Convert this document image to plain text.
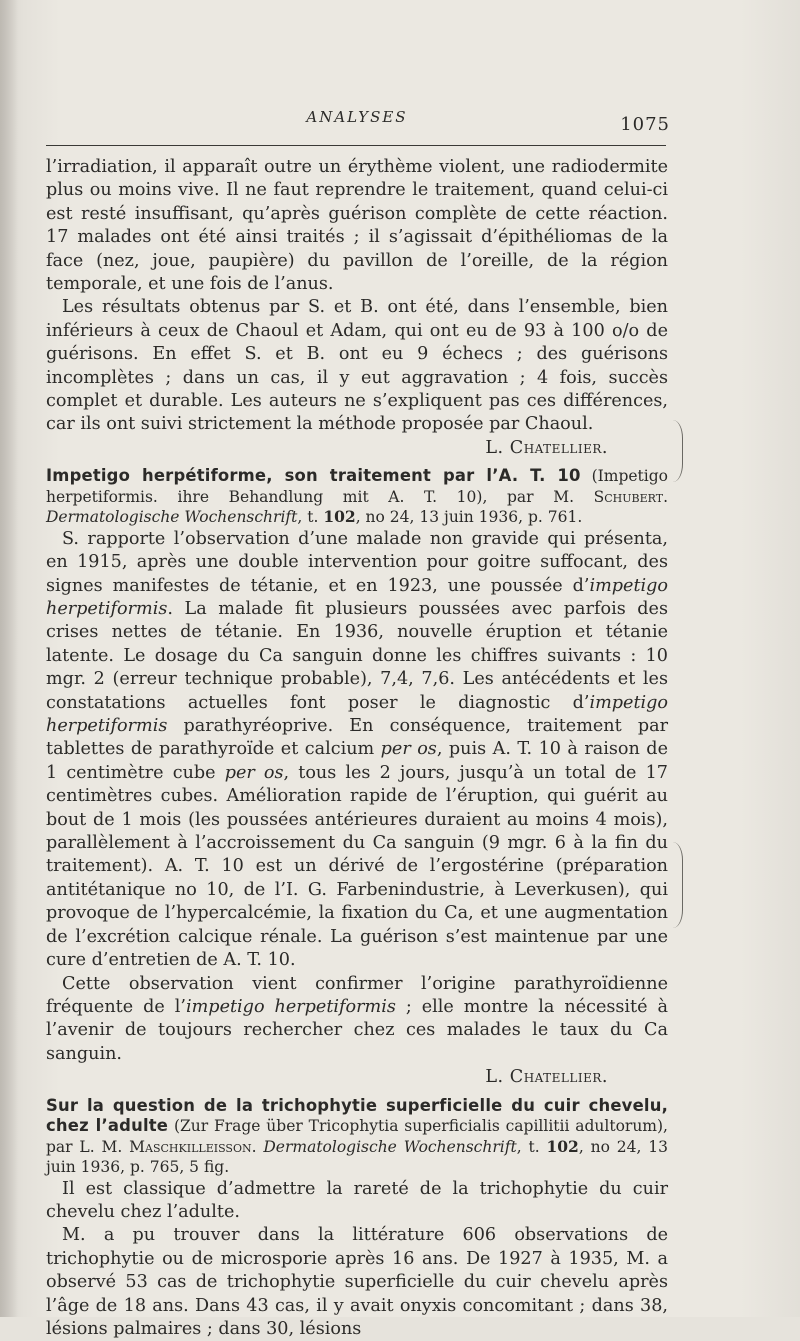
ANALYSES	1075

l’irradiation, il apparaît outre un érythème violent, une radiodermite plus ou moins vive. Il ne faut reprendre le traitement, quand celui-ci est resté insuffisant, qu’après guérison complète de cette réaction. 17 malades ont été ainsi traités ; il s’agissait d’épithéliomas de la face (nez, joue, paupière) du pavillon de l’oreille, de la région temporale, et une fois de l’anus.

Les résultats obtenus par S. et B. ont été, dans l’ensemble, bien inférieurs à ceux de Chaoul et Adam, qui ont eu de 93 à 100 o/o de guérisons. En effet S. et B. ont eu 9 échecs ; des guérisons incomplètes ; dans un cas, il y eut aggravation ; 4 fois, succès complet et durable. Les auteurs ne s’expliquent pas ces différences, car ils ont suivi strictement la méthode proposée par Chaoul.

L. Chatellier.

Impetigo herpétiforme, son traitement par l’A. T. 10 (Impetigo herpetiformis. ihre Behandlung mit A. T. 10), par M. Schubert. Dermatologische Wochenschrift, t. 102, no 24, 13 juin 1936, p. 761.

S. rapporte l’observation d’une malade non gravide qui présenta, en 1915, après une double intervention pour goitre suffocant, des signes manifestes de tétanie, et en 1923, une poussée d’impetigo herpetiformis. La malade fit plusieurs poussées avec parfois des crises nettes de tétanie. En 1936, nouvelle éruption et tétanie latente. Le dosage du Ca sanguin donne les chiffres suivants : 10 mgr. 2 (erreur technique probable), 7,4, 7,6. Les antécédents et les constatations actuelles font poser le diagnostic d’impetigo herpetiformis parathyréoprive. En conséquence, traitement par tablettes de parathyroïde et calcium per os, puis A. T. 10 à raison de 1 centimètre cube per os, tous les 2 jours, jusqu’à un total de 17 centimètres cubes. Amélioration rapide de l’éruption, qui guérit au bout de 1 mois (les poussées antérieures duraient au moins 4 mois), parallèlement à l’accroissement du Ca sanguin (9 mgr. 6 à la fin du traitement). A. T. 10 est un dérivé de l’ergostérine (préparation antitétanique no 10, de l’I. G. Farbenindustrie, à Leverkusen), qui provoque de l’hypercalcémie, la fixation du Ca, et une augmentation de l’excrétion calcique rénale. La guérison s’est maintenue par une cure d’entretien de A. T. 10.

Cette observation vient confirmer l’origine parathyroïdienne fréquente de l’impetigo herpetiformis ; elle montre la nécessité à l’avenir de toujours rechercher chez ces malades le taux du Ca sanguin.

L. Chatellier.

Sur la question de la trichophytie superficielle du cuir chevelu, chez l’adulte (Zur Frage über Tricophytia superficialis capillitii adultorum), par L. M. Maschkillеisson. Dermatologische Wochenschrift, t. 102, no 24, 13 juin 1936, p. 765, 5 fig.

Il est classique d’admettre la rareté de la trichophytie du cuir chevelu chez l’adulte.

M. a pu trouver dans la littérature 606 observations de trichophytie ou de microsporie après 16 ans. De 1927 à 1935, M. a observé 53 cas de trichophytie superficielle du cuir chevelu après l’âge de 18 ans. Dans 43 cas, il y avait onyxis concomitant ; dans 38, lésions palmaires ; dans 30, lésions
